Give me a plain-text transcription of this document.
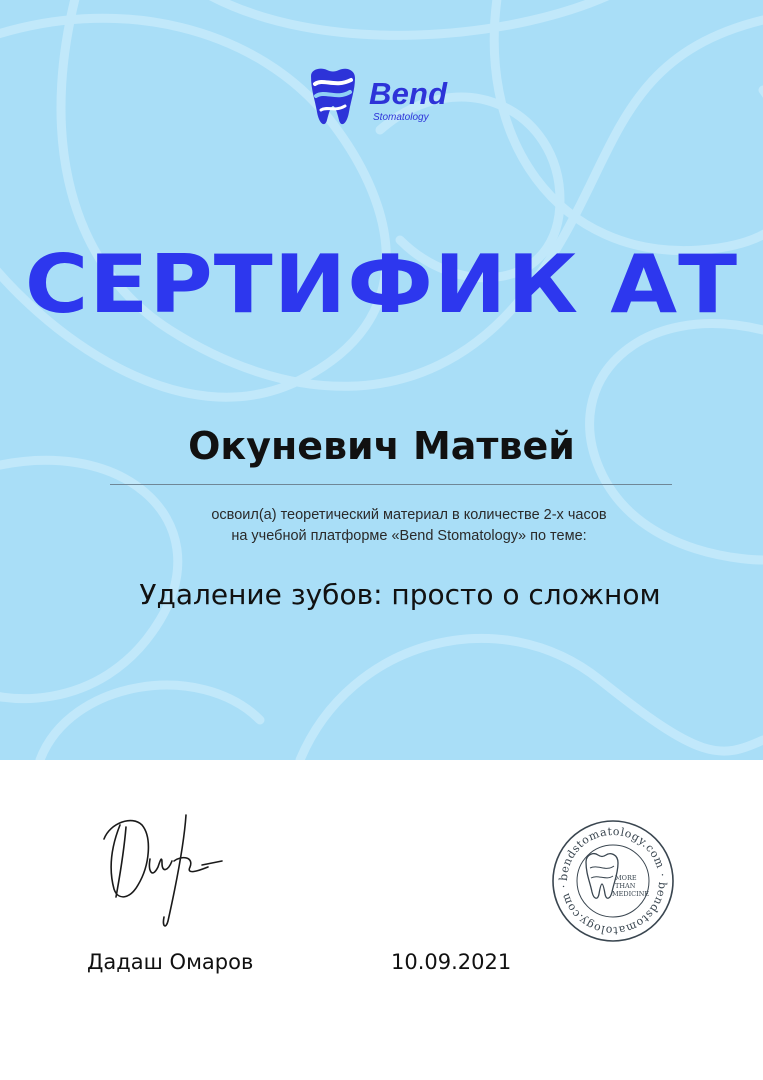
Bend
Stomatology
СЕРТИФИК АТ
Окуневич Матвей
освоил(а) теоретический материал в количестве 2-х часов
на учебной платформе «Bend Stomatology» по теме:
Удаление зубов: просто о сложном
Дадаш Омаров	10.09.2021
bendstomatology.com · bendstomatology.com ·
MORE
THAN
MEDICINE
